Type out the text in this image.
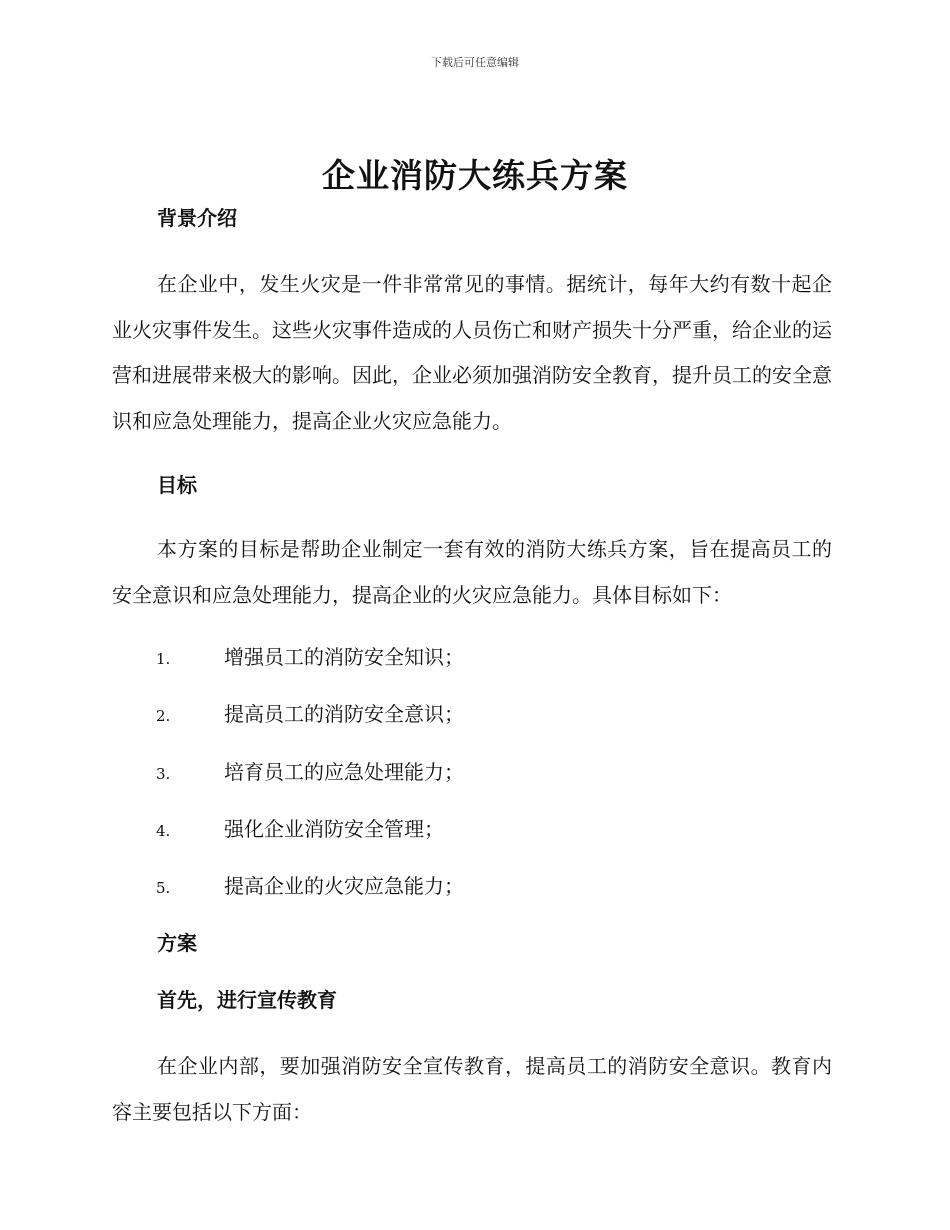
下载后可任意编辑
企业消防大练兵方案
背景介绍

在企业中，发生火灾是一件非常常见的事情。据统计，每年大约有数十起企业火灾事件发生。这些火灾事件造成的人员伤亡和财产损失十分严重，给企业的运营和进展带来极大的影响。因此，企业必须加强消防安全教育，提升员工的安全意识和应急处理能力，提高企业火灾应急能力。

目标

本方案的目标是帮助企业制定一套有效的消防大练兵方案，旨在提高员工的安全意识和应急处理能力，提高企业的火灾应急能力。具体目标如下：

1.	增强员工的消防安全知识；
2.	提高员工的消防安全意识；
3.	培育员工的应急处理能力；
4.	强化企业消防安全管理；
5.	提高企业的火灾应急能力；
方案
首先，进行宣传教育

在企业内部，要加强消防安全宣传教育，提高员工的消防安全意识。教育内容主要包括以下方面：
